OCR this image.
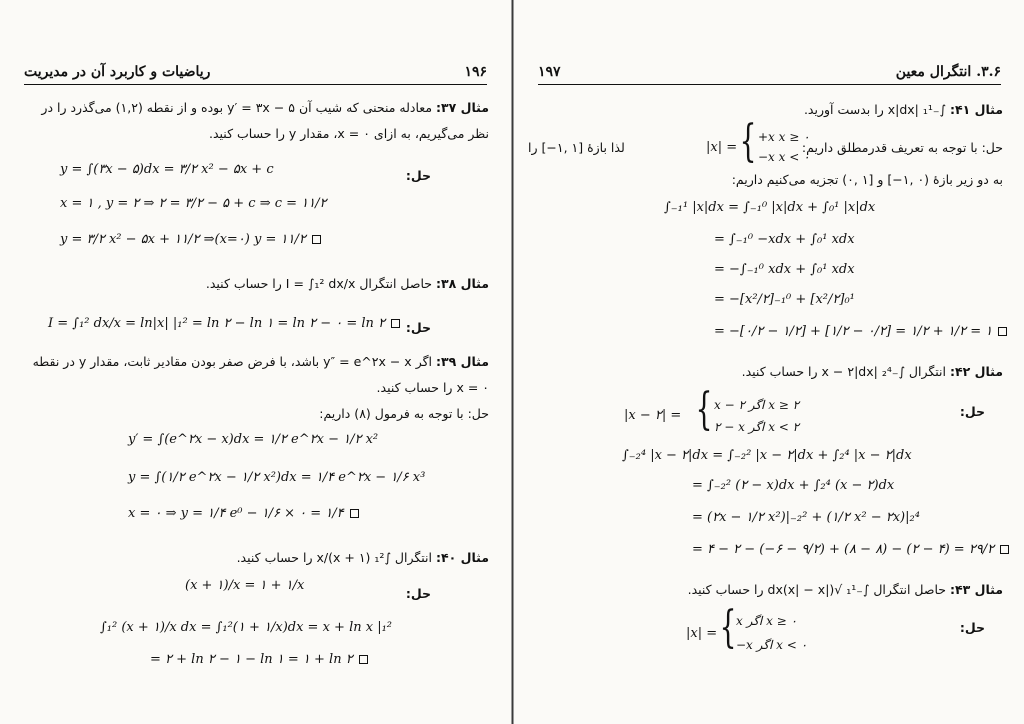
ریاضیات و کاربرد آن در مدیریت	۱۹۶
مثال ۳۷: معادله منحنی که شیب آن ۵ − y′ = ۳x بوده و از نقطه (۱,۲) می‌گذرد را در
نظر می‌گیریم، به ازای x = ۰، مقدار y را حساب کنید.
حل:
y = ∫(۳x − ۵)dx = ۳/۲ x² − ۵x + c
x = ۱ , y = ۲ ⇒ ۲ = ۳/۲ − ۵ + c ⇒ c = ۱۱/۲
y = ۳/۲ x² − ۵x + ۱۱/۲ ⇒(x=۰) y = ۱۱/۲
مثال ۳۸: حاصل انتگرال I = ∫₁² dx/x را حساب کنید.
حل:
I = ∫₁² dx/x = ln|x| |₁² = ln ۲ − ln ۱ = ln ۲ − ۰ = ln ۲
مثال ۳۹: اگر y″ = e^۲x − x باشد، با فرض صفر بودن مقادیر ثابت، مقدار y در نقطه
x = ۰ را حساب کنید.
حل: با توجه به فرمول (۸) داریم:
y′ = ∫(e^۲x − x)dx = ۱/۲ e^۲x − ۱/۲ x²
y = ∫(۱/۲ e^۲x − ۱/۲ x²)dx = ۱/۴ e^۲x − ۱/۶ x³
x = ۰ ⇒ y = ۱/۴ e⁰ − ۱/۶ × ۰ = ۱/۴
مثال ۴۰: انتگرال ∫₁² (x + ۱)/x را حساب کنید.
حل:
(x + ۱)/x = ۱ + ۱/x
∫₁² (x + ۱)/x dx = ∫₁²(۱ + ۱/x)dx = x + ln x |₁²
= ۲ + ln ۲ − ۱ − ln ۱ = ۱ + ln ۲
۳.۶. انتگرال معین
۱۹۷
مثال ۴۱: ∫₋₁¹ |x|dx را بدست آورید.
حل: با توجه به تعریف قدرمطلق داریم:
|x| = { +x x ≥ ۰
−x x < ۰
لذا بازهٔ [۱ ,۱−] را
به دو زیر بازهٔ (۰ ,۱−] و [۱ ,۰) تجزیه می‌کنیم داریم:
∫₋₁¹ |x|dx = ∫₋₁⁰ |x|dx + ∫₀¹ |x|dx
= ∫₋₁⁰ −xdx + ∫₀¹ xdx
= −∫₋₁⁰ xdx + ∫₀¹ xdx
= −[x²/۲]₋₁⁰ + [x²/۲]₀¹
= −[۰/۲ − ۱/۲] + [۱/۲ − ۰/۲] = ۱/۲ + ۱/۲ = ۱
مثال ۴۲: انتگرال ∫₋₂⁴ |x − ۲|dx را حساب کنید.
حل:
|x − ۲| = { x − ۲ اگر x ≥ ۲
۲ − x اگر x < ۲
∫₋₂⁴ |x − ۲|dx = ∫₋₂² |x − ۲|dx + ∫₂⁴ |x − ۲|dx
= ∫₋₂² (۲ − x)dx + ∫₂⁴ (x − ۲)dx
= (۲x − ۱/۲ x²)|₋₂² + (۱/۲ x² − ۲x)|₂⁴
= ۴ − ۲ − (−۶ − ۹/۲) + (۸ − ۸) − (۲ − ۴) = ۲۹/۲
مثال ۴۳: حاصل انتگرال ∫₋₁¹ √(|x| − x)dx را حساب کنید.
حل:
|x| = { x اگر x ≥ ۰
−x اگر x < ۰
